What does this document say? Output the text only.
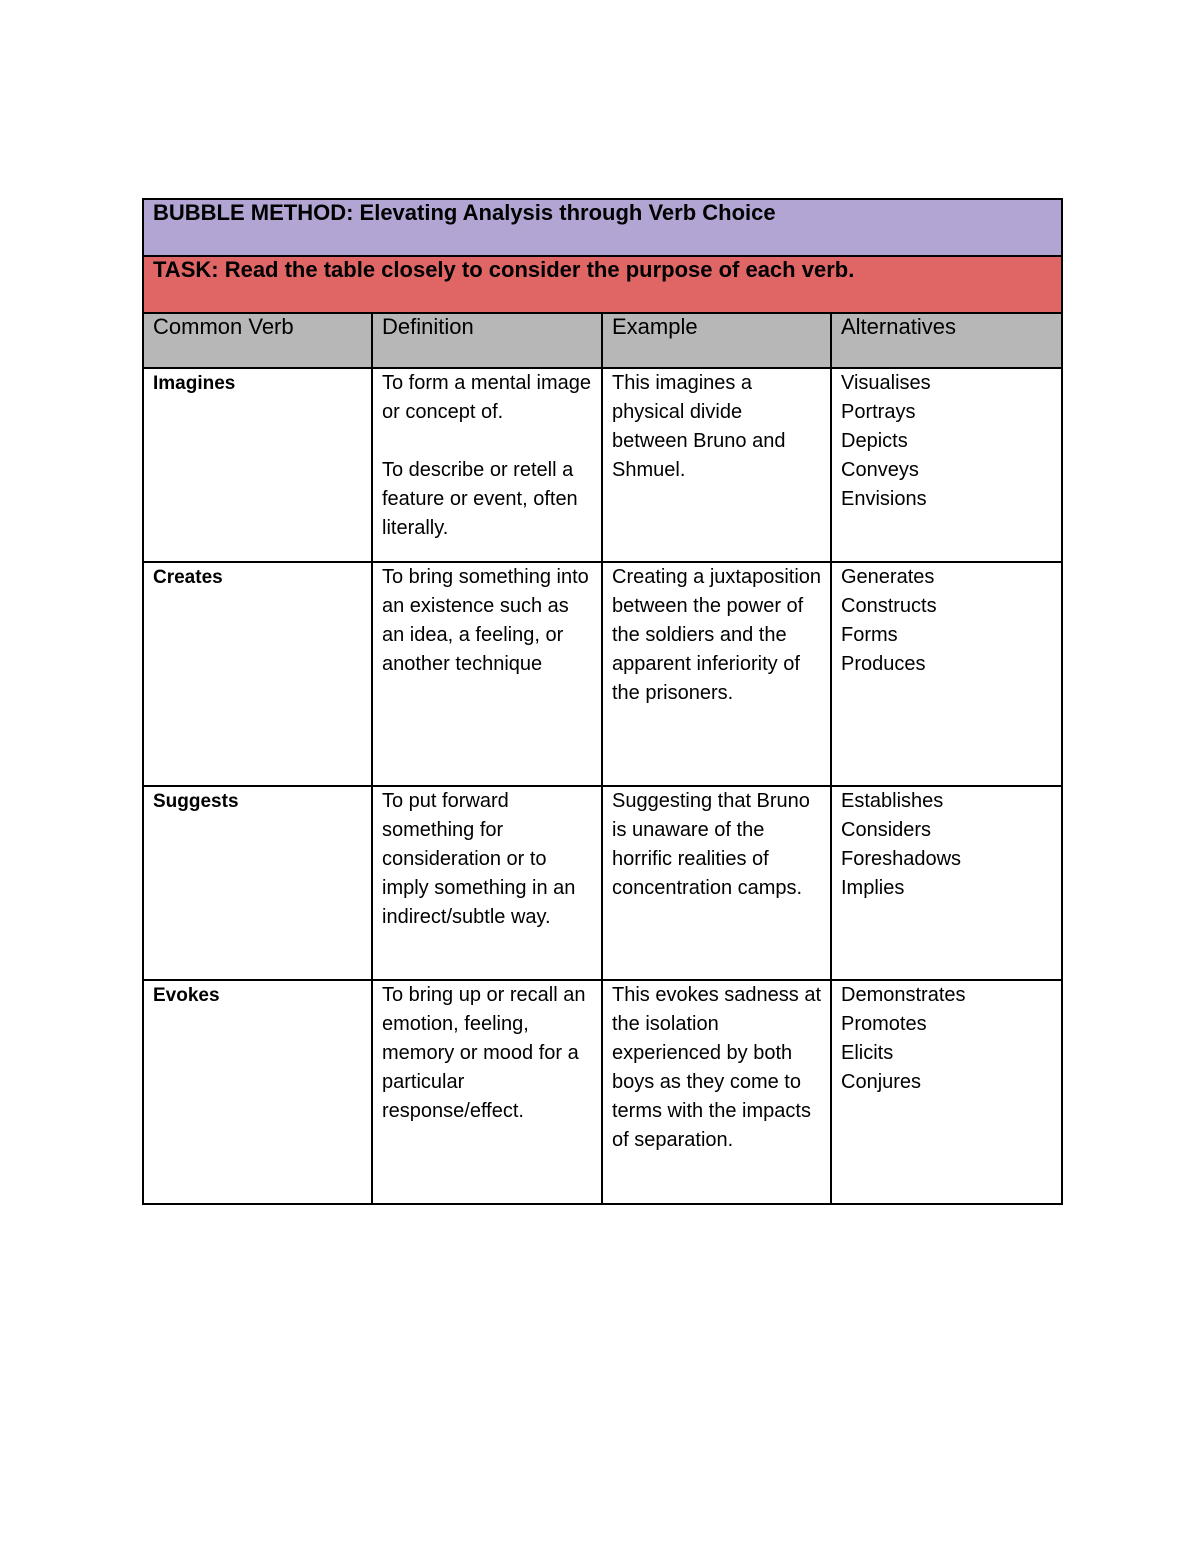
BUBBLE METHOD: Elevating Analysis through Verb Choice			
TASK: Read the table closely to consider the purpose of each verb.			
Common Verb	Definition	Example	Alternatives
Imagines	To form a mental image or concept of.
To describe or retell a feature or event, often literally.	This imagines a physical divide between Bruno and Shmuel.	Visualises
Portrays
Depicts
Conveys
Envisions

Creates	To bring something into an existence such as an idea, a feeling, or another technique	Creating a juxtaposition between the power of the soldiers and the apparent inferiority of the prisoners.	Generates
Constructs
Forms
Produces

Suggests	To put forward something for consideration or to imply something in an indirect/subtle way.	Suggesting that Bruno is unaware of the horrific realities of concentration camps.	Establishes
Considers
Foreshadows
Implies

Evokes	To bring up or recall an emotion, feeling, memory or mood for a particular response/effect.	This evokes sadness at the isolation experienced by both boys as they come to terms with the impacts of separation.	Demonstrates
Promotes
Elicits
Conjures
